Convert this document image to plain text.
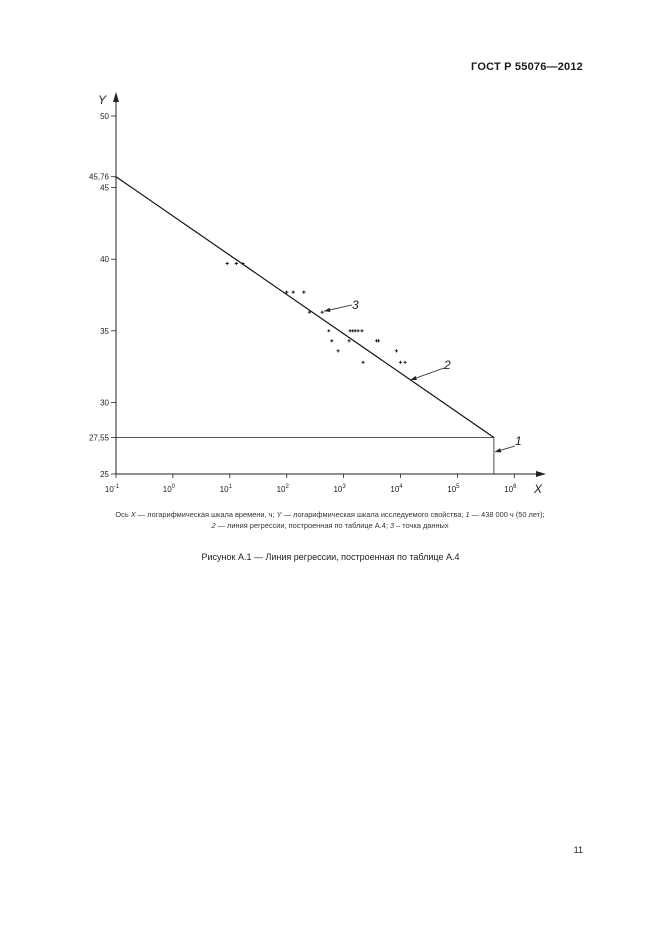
ГОСТ Р 55076—2012
X
Y
25
30
35
40
45
50
45,76
27,55
$10^{-1}$	$10^0$	$10^1$	$10^2$	$10^3$	$10^4$	$10^5$	$10^6$
1
2
3
Ось X — логарифмическая шкала времени, ч; Y — логарифмическая шкала исследуемого свойства; 1 — 438 000 ч (50 лет);
2 — линия регрессии, построенная по таблице А.4; 3 – точка данных
Рисунок А.1 — Линия регрессии, построенная по таблице А.4
11
